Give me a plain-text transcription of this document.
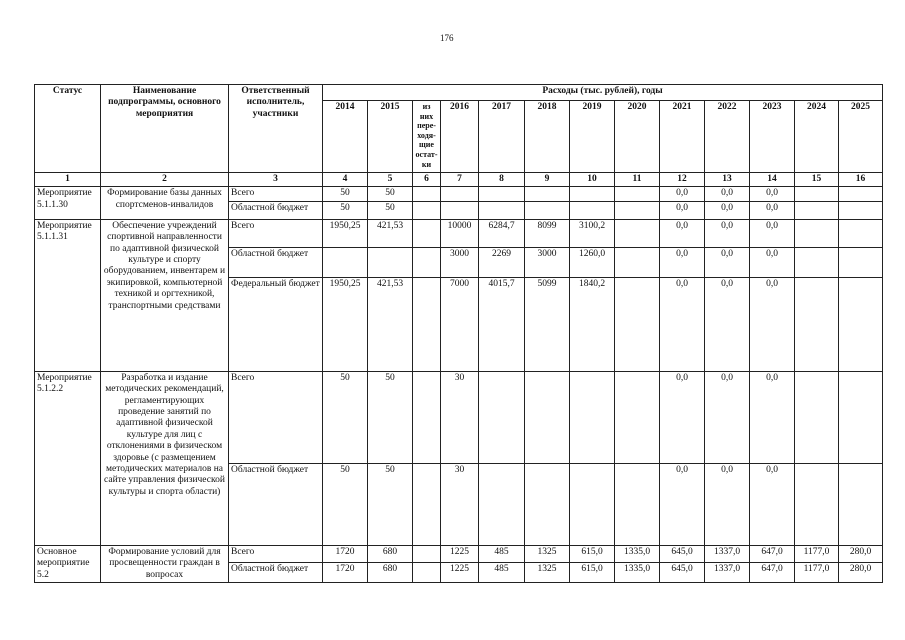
176
Статус	Наименование подпрограммы, основного мероприятия	Ответственный исполнитель, участники	Расходы (тыс. рублей), годы												
			2014	2015	из них пере-ходя-щие остат-ки	2016	2017	2018	2019	2020	2021	2022	2023	2024	2025
1	2	3	4	5	6	7	8	9	10	11	12	13	14	15	16
Мероприятие 5.1.1.30	Формирование базы данных спортсменов-инвалидов	Всего	50	50							0,0	0,0	0,0		
		Областной бюджет	50	50							0,0	0,0	0,0		
Мероприятие 5.1.1.31	Обеспечение учреждений спортивной направленности по адаптивной физической культуре и спорту оборудованием, инвентарем и экипировкой, компьютерной техникой и оргтехникой, транспортными средствами	Всего	1950,25	421,53		10000	6284,7	8099	3100,2		0,0	0,0	0,0		
		Областной бюджет				3000	2269	3000	1260,0		0,0	0,0	0,0		
		Федеральный бюджет	1950,25	421,53		7000	4015,7	5099	1840,2		0,0	0,0	0,0		
Мероприятие 5.1.2.2	Разработка и издание методических рекомендаций, регламентирующих проведение занятий по адаптивной физической культуре для лиц с отклонениями в физическом здоровье (с размещением методических материалов на сайте управления физической культуры и спорта области)	Всего	50	50		30					0,0	0,0	0,0		
		Областной бюджет	50	50		30					0,0	0,0	0,0		
Основное мероприятие 5.2	Формирование условий для просвещенности граждан в вопросах	Всего	1720	680		1225	485	1325	615,0	1335,0	645,0	1337,0	647,0	1177,0	280,0
		Областной бюджет	1720	680		1225	485	1325	615,0	1335,0	645,0	1337,0	647,0	1177,0	280,0
